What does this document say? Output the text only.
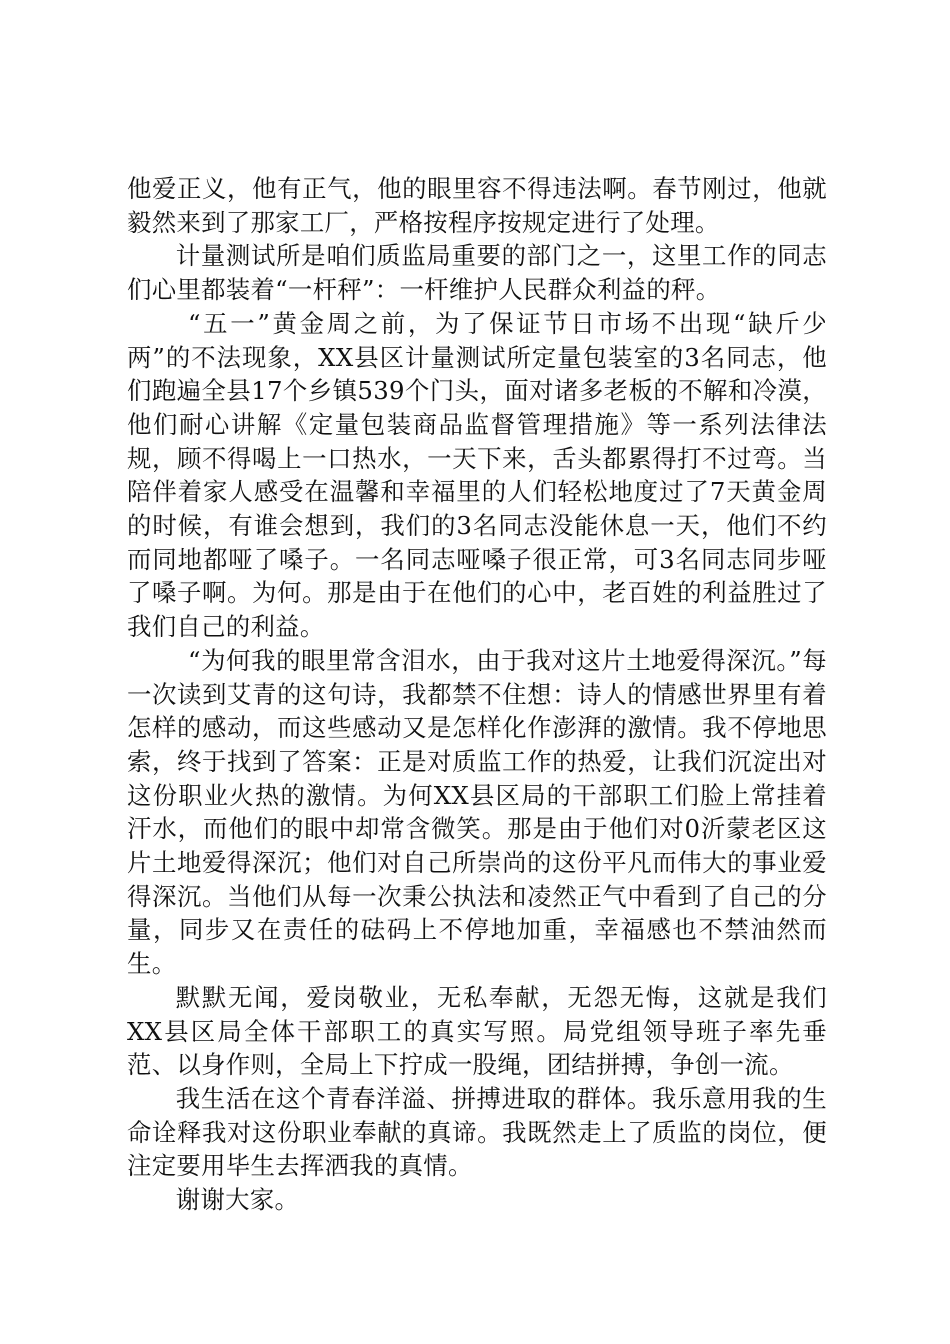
他爱正义，他有正气，他的眼里容不得违法啊。春节刚过，他就毅然来到了那家工厂，严格按程序按规定进行了处理。

计量测试所是咱们质监局重要的部门之一，这里工作的同志们心里都装着“一杆秤”：一杆维护人民群众利益的秤。

“五一”黄金周之前，为了保证节日市场不出现“缺斤少两”的不法现象，XX县区计量测试所定量包装室的3名同志，他们跑遍全县17个乡镇539个门头，面对诸多老板的不解和冷漠，他们耐心讲解《定量包装商品监督管理措施》等一系列法律法规，顾不得喝上一口热水，一天下来，舌头都累得打不过弯。当陪伴着家人感受在温馨和幸福里的人们轻松地度过了7天黄金周的时候，有谁会想到，我们的3名同志没能休息一天，他们不约而同地都哑了嗓子。一名同志哑嗓子很正常，可3名同志同步哑了嗓子啊。为何。那是由于在他们的心中，老百姓的利益胜过了我们自己的利益。

“为何我的眼里常含泪水，由于我对这片土地爱得深沉。”每一次读到艾青的这句诗，我都禁不住想：诗人的情感世界里有着怎样的感动，而这些感动又是怎样化作澎湃的激情。我不停地思索，终于找到了答案：正是对质监工作的热爱，让我们沉淀出对这份职业火热的激情。为何XX县区局的干部职工们脸上常挂着汗水，而他们的眼中却常含微笑。那是由于他们对0沂蒙老区这片土地爱得深沉；他们对自己所崇尚的这份平凡而伟大的事业爱得深沉。当他们从每一次秉公执法和凌然正气中看到了自己的分量，同步又在责任的砝码上不停地加重，幸福感也不禁油然而生。

默默无闻，爱岗敬业，无私奉献，无怨无悔，这就是我们XX县区局全体干部职工的真实写照。局党组领导班子率先垂范、以身作则，全局上下拧成一股绳，团结拼搏，争创一流。

我生活在这个青春洋溢、拼搏进取的群体。我乐意用我的生命诠释我对这份职业奉献的真谛。我既然走上了质监的岗位，便注定要用毕生去挥洒我的真情。

谢谢大家。
